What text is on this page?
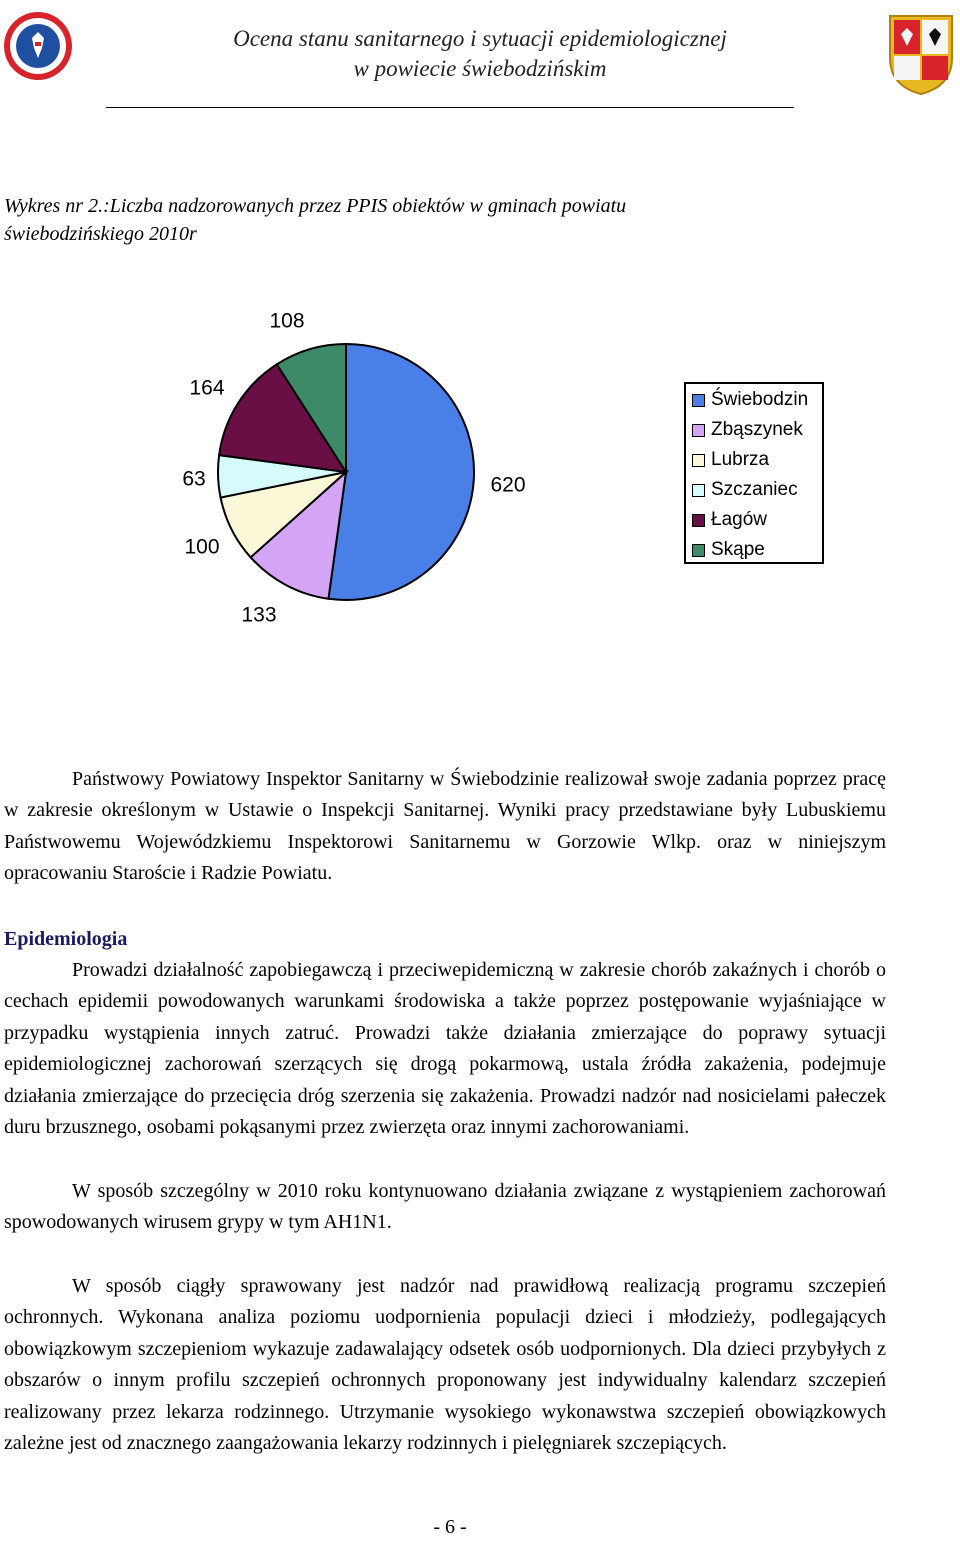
Ocena stanu sanitarnego i sytuacji epidemiologicznej
w powiecie świebodzińskim
Wykres nr 2.:Liczba nadzorowanych przez PPIS obiektów w gminach powiatu świebodzińskiego 2010r
620
133
100
63
164
108
Świebodzin
Zbąszynek
Lubrza
Szczaniec
Łagów
Skąpe
Państwowy Powiatowy Inspektor Sanitarny w Świebodzinie realizował swoje zadania poprzez pracę w zakresie określonym w Ustawie o Inspekcji Sanitarnej. Wyniki pracy przedstawiane były Lubuskiemu Państwowemu Wojewódzkiemu Inspektorowi Sanitarnemu w Gorzowie Wlkp. oraz w niniejszym opracowaniu Staroście i Radzie Powiatu.
Epidemiologia
Prowadzi działalność zapobiegawczą i przeciwepidemiczną w zakresie chorób zakaźnych i chorób o cechach epidemii powodowanych warunkami środowiska a także poprzez postępowanie wyjaśniające w przypadku wystąpienia innych zatruć. Prowadzi także działania zmierzające do poprawy sytuacji epidemiologicznej zachorowań szerzących się drogą pokarmową, ustala źródła zakażenia, podejmuje działania zmierzające do przecięcia dróg szerzenia się zakażenia. Prowadzi nadzór nad nosicielami pałeczek duru brzusznego, osobami pokąsanymi przez zwierzęta oraz innymi zachorowaniami.
W sposób szczególny w 2010 roku kontynuowano działania związane z wystąpieniem zachorowań spowodowanych wirusem grypy w tym AH1N1.
W sposób ciągły sprawowany jest nadzór nad prawidłową realizacją programu szczepień ochronnych. Wykonana analiza poziomu uodpornienia populacji dzieci i młodzieży, podlegających obowiązkowym szczepieniom wykazuje zadawalający odsetek osób uodpornionych. Dla dzieci przybyłych z obszarów o innym profilu szczepień ochronnych proponowany jest indywidualny kalendarz szczepień realizowany przez lekarza rodzinnego. Utrzymanie wysokiego wykonawstwa szczepień obowiązkowych zależne jest od znacznego zaangażowania lekarzy rodzinnych i pielęgniarek szczepiących.
- 6 -
